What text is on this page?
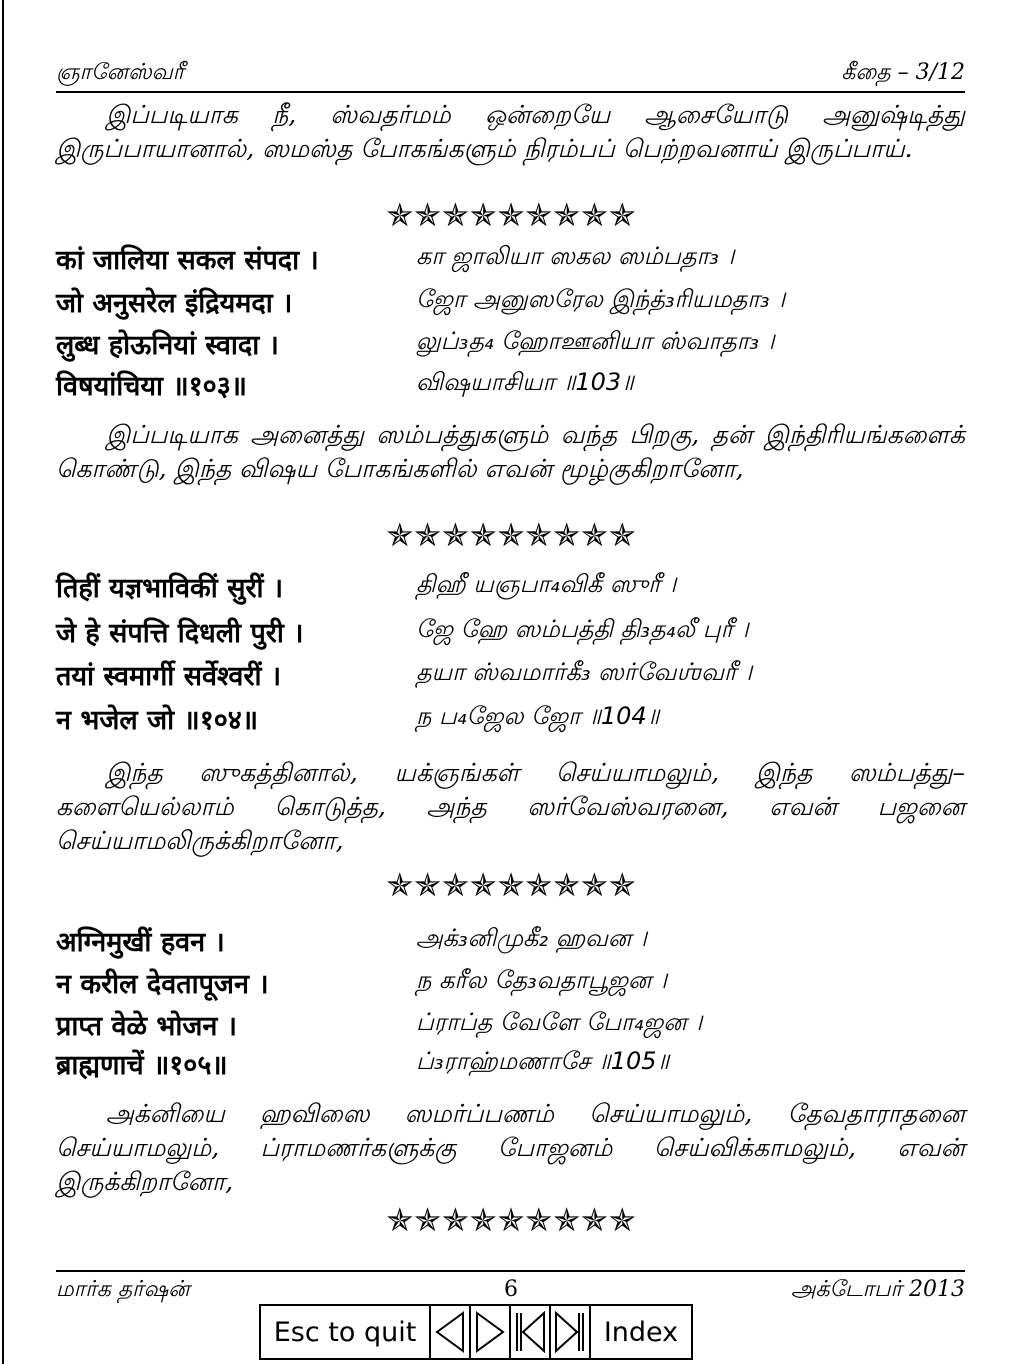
ஞானேஸ்வரீ	கீதை – 3/12

இப்படியாக நீ, ஸ்வதர்மம் ஒன்றையே ஆசையோடு அனுஷ்டித்து இருப்பாயானால், ஸமஸ்த போகங்களும் நிரம்பப் பெற்றவனாய் இருப்பாய்.

✯✯✯✯✯✯✯✯✯
कां जालिया सकल संपदा ।	கா ஜாலியா ஸகல ஸம்பதா₃ ।
जो अनुसरेल इंद्रियमदा ।	ஜோ அனுஸரேல இந்த்₃ரியமதா₃ ।
लुब्ध होऊनियां स्वादा ।	லுப்₃த₄ ஹோஊனியா ஸ்வாதா₃ ।
विषयांचिया ॥१०३॥	விஷயாசியா ॥103॥

இப்படியாக அனைத்து ஸம்பத்துகளும் வந்த பிறகு, தன் இந்திரியங்களைக் கொண்டு, இந்த விஷய போகங்களில் எவன் மூழ்குகிறானோ,

✯✯✯✯✯✯✯✯✯
तिहीं यज्ञभाविकीं सुरीं ।	திஹீ யஞபா₄விகீ ஸுரீ ।
जे हे संपत्ति दिधली पुरी ।	ஜே ஹே ஸம்பத்தி தி₃த₄லீ புரீ ।
तयां स्वमार्गी सर्वेश्वरीं ।	தயா ஸ்வமார்கீ₃ ஸர்வேஶ்வரீ ।
न भजेल जो ॥१०४॥	ந ப₄ஜேல ஜோ ॥104॥

இந்த ஸுகத்தினால், யக்ஞங்கள் செய்யாமலும், இந்த ஸம்பத்து–களையெல்லாம் கொடுத்த, அந்த ஸர்வேஸ்வரனை, எவன் பஜனை செய்யாமலிருக்கிறானோ,

✯✯✯✯✯✯✯✯✯
अग्निमुखीं हवन ।	அக்₃னிமுகீ₂ ஹவன ।
न करील देवतापूजन ।	ந கரீல தே₃வதாபூஜன ।
प्राप्त वेळे भोजन ।	ப்ராப்த வேளே போ₄ஜன ।
ब्राह्मणाचें ॥१०५॥	ப்₃ராஹ்மணாசே ॥105॥

அக்னியை ஹவிஸை ஸமர்ப்பணம் செய்யாமலும், தேவதாராதனை செய்யாமலும், ப்ராமணர்களுக்கு போஜனம் செய்விக்காமலும், எவன் இருக்கிறானோ,

✯✯✯✯✯✯✯✯✯
மார்க தர்ஷன்	6	அக்டோபர் 2013
Esc to quit	Index
